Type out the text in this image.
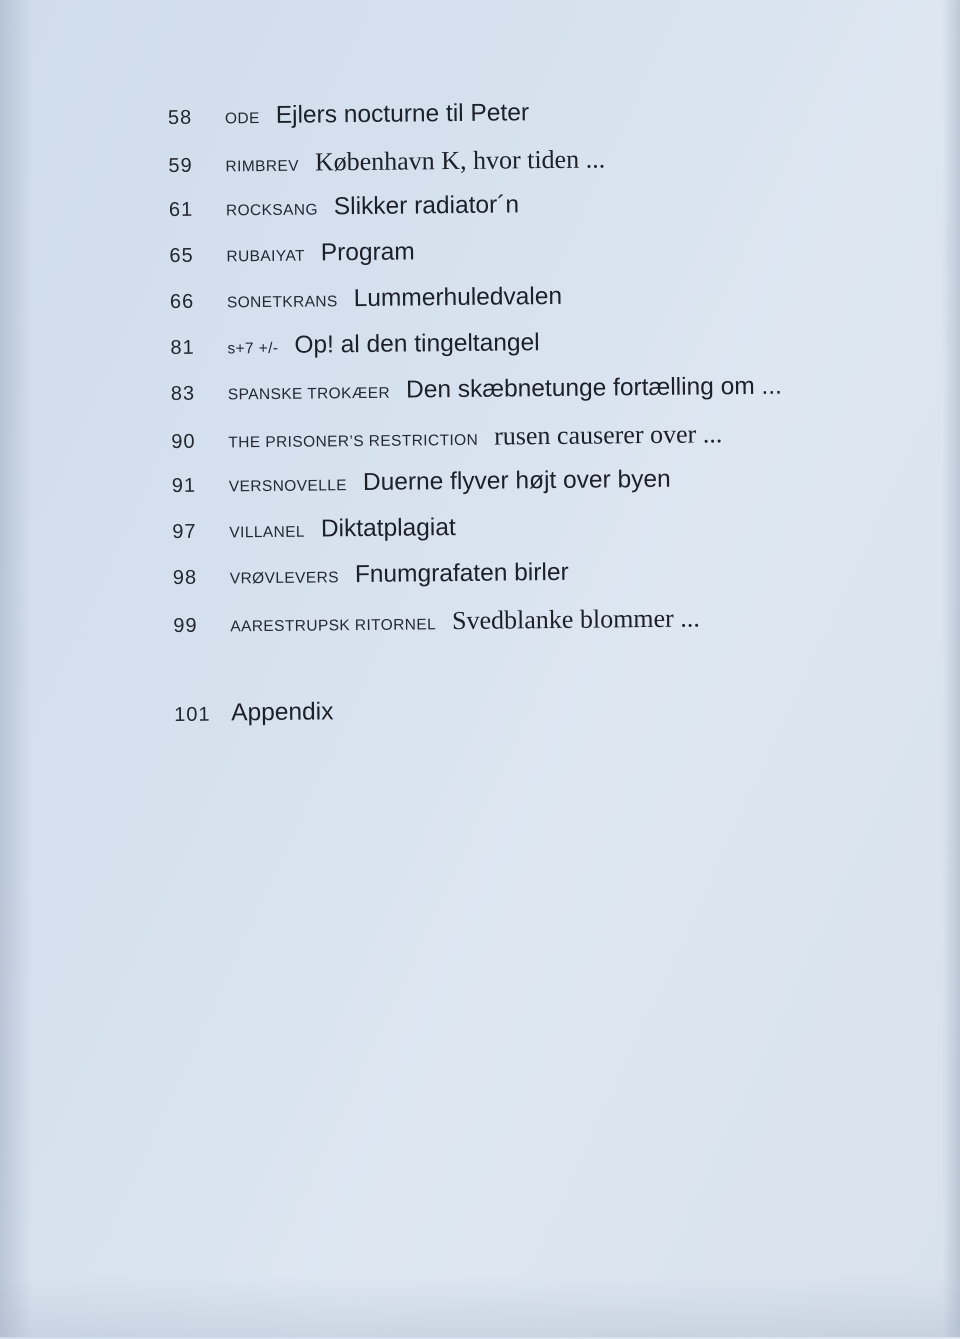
58	ODE Ejlers nocturne til Peter
59	RIMBREV København K, hvor tiden ...
61	ROCKSANG Slikker radiator´n
65	RUBAIYAT Program
66	SONETKRANS Lummerhuledvalen
81	s+7 +/- Op! al den tingeltangel
83	SPANSKE TROKÆER Den skæbnetunge fortælling om ...
90	THE PRISONER’S RESTRICTION rusen causerer over ...
91	VERSNOVELLE Duerne flyver højt over byen
97	VILLANEL Diktatplagiat
98	VRØVLEVERS Fnumgrafaten birler
99	AARESTRUPSK RITORNEL Svedblanke blommer ...
101 Appendix
